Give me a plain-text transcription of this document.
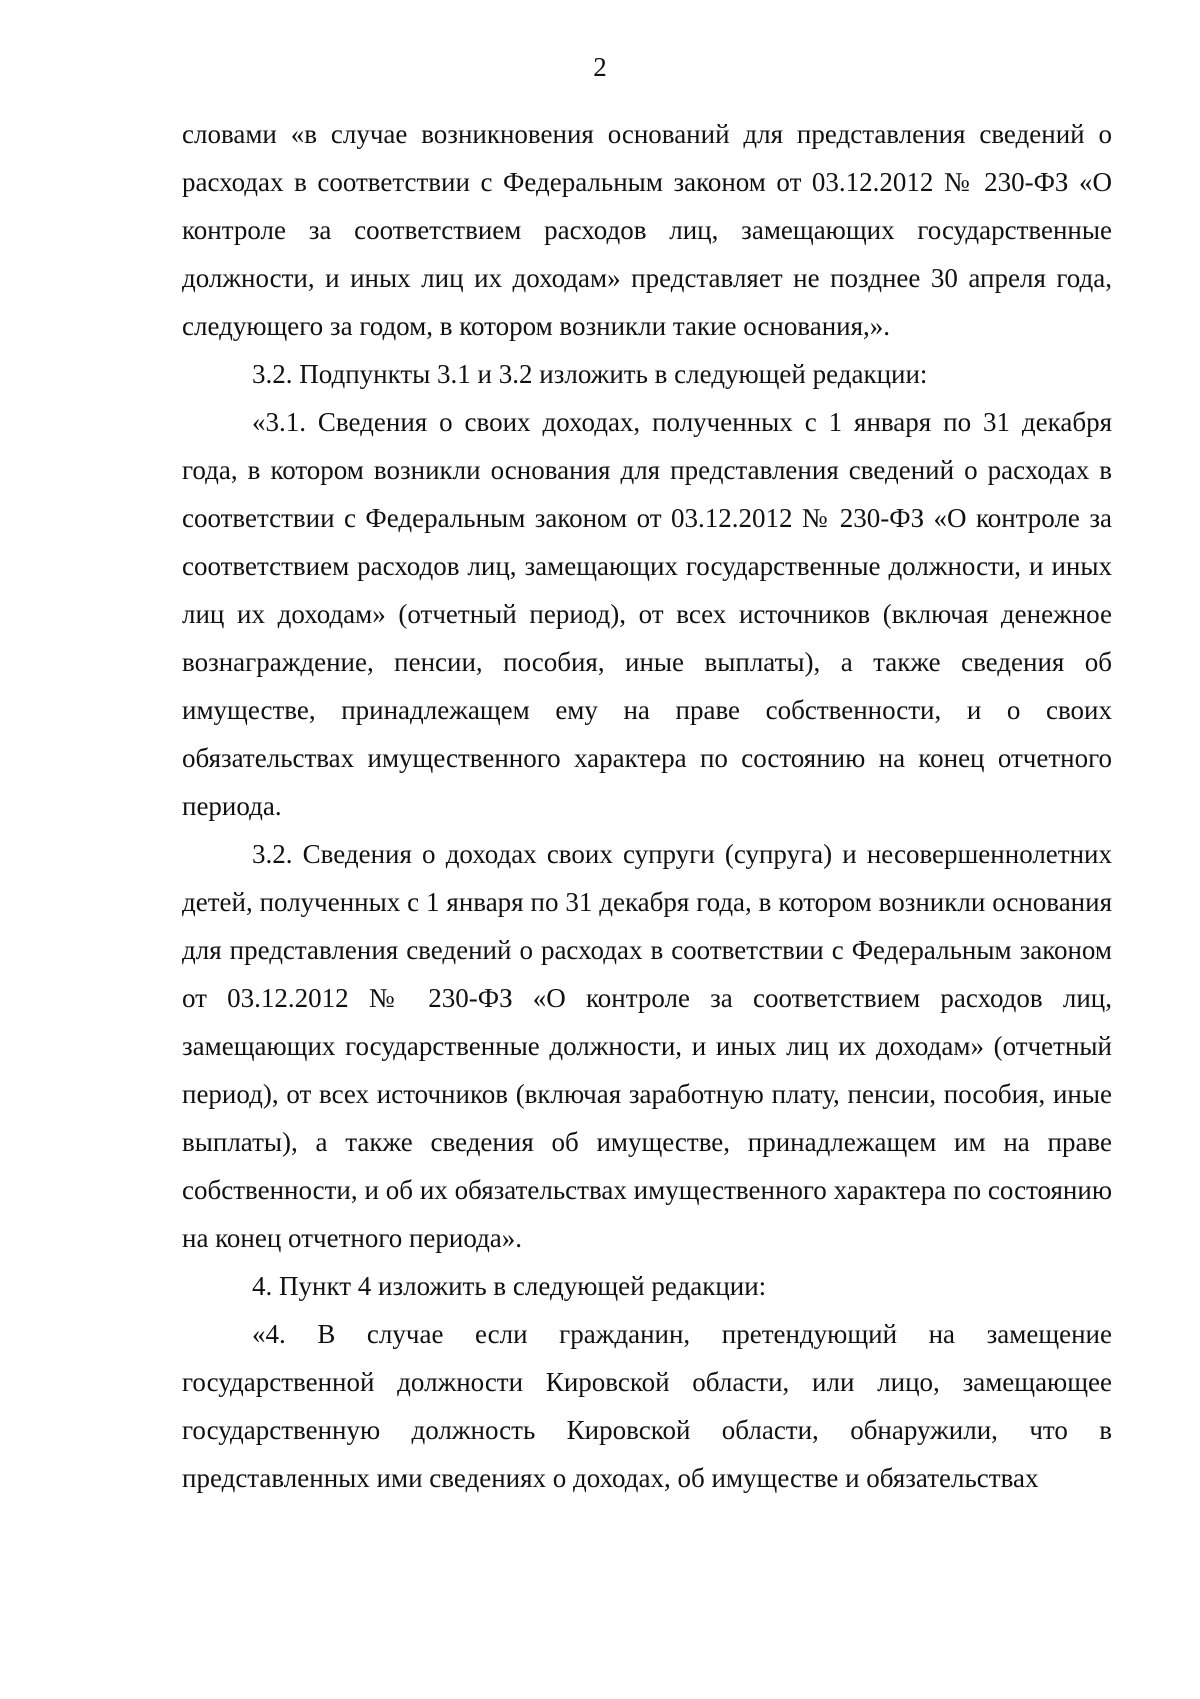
2

словами «в случае возникновения оснований для представления сведений о расходах в соответствии с Федеральным законом от 03.12.2012 № 230-ФЗ «О контроле за соответствием расходов лиц, замещающих государственные должности, и иных лиц их доходам» представляет не позднее 30 апреля года, следующего за годом, в котором возникли такие основания,».

3.2. Подпункты 3.1 и 3.2 изложить в следующей редакции:

«3.1. Сведения о своих доходах, полученных с 1 января по 31 декабря года, в котором возникли основания для представления сведений о расходах в соответствии с Федеральным законом от 03.12.2012 № 230-ФЗ «О контроле за соответствием расходов лиц, замещающих государственные должности, и иных лиц их доходам» (отчетный период), от всех источников (включая денежное вознаграждение, пенсии, пособия, иные выплаты), а также сведения об имуществе, принадлежащем ему на праве собственности, и о своих обязательствах имущественного характера по состоянию на конец отчетного периода.

3.2. Сведения о доходах своих супруги (супруга) и несовершеннолетних детей, полученных с 1 января по 31 декабря года, в котором возникли основания для представления сведений о расходах в соответствии с Федеральным законом от 03.12.2012 № 230-ФЗ «О контроле за соответствием расходов лиц, замещающих государственные должности, и иных лиц их доходам» (отчетный период), от всех источников (включая заработную плату, пенсии, пособия, иные выплаты), а также сведения об имуществе, принадлежащем им на праве собственности, и об их обязательствах имущественного характера по состоянию на конец отчетного периода».

4. Пункт 4 изложить в следующей редакции:

«4. В случае если гражданин, претендующий на замещение государственной должности Кировской области, или лицо, замещающее государственную должность Кировской области, обнаружили, что в представленных ими сведениях о доходах, об имуществе и обязательствах
